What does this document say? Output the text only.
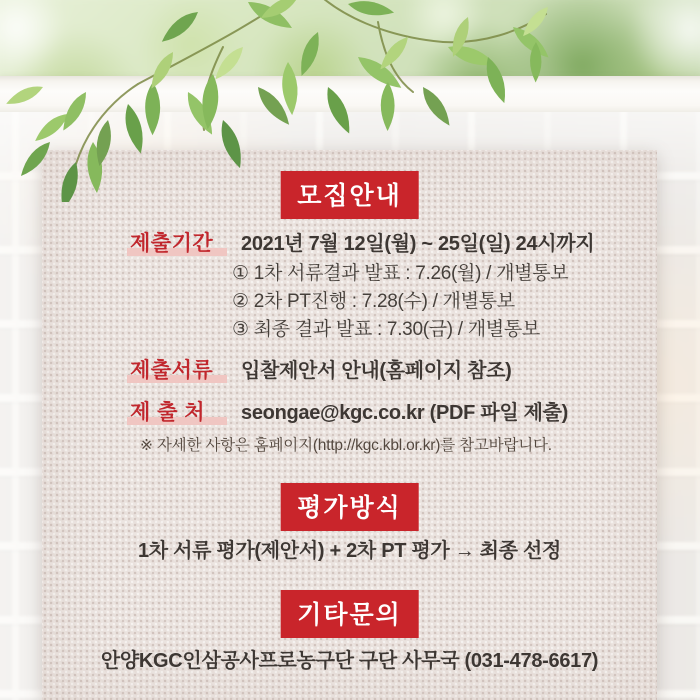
모집안내
제출기간	2021년 7월 12일(월) ~ 25일(일) 24시까지
① 1차 서류결과 발표 : 7.26(월) / 개별통보
② 2차 PT진행 : 7.28(수) / 개별통보
③ 최종 결과 발표 : 7.30(금) / 개별통보
제출서류	입찰제안서 안내(홈페이지 참조)
제 출 처	seongae@kgc.co.kr (PDF 파일 제출)
※ 자세한 사항은 홈페이지(http://kgc.kbl.or.kr)를 참고바랍니다.
평가방식
1차 서류 평가(제안서) + 2차 PT 평가 → 최종 선정
기타문의
안양KGC인삼공사프로농구단 구단 사무국 (031-478-6617)
